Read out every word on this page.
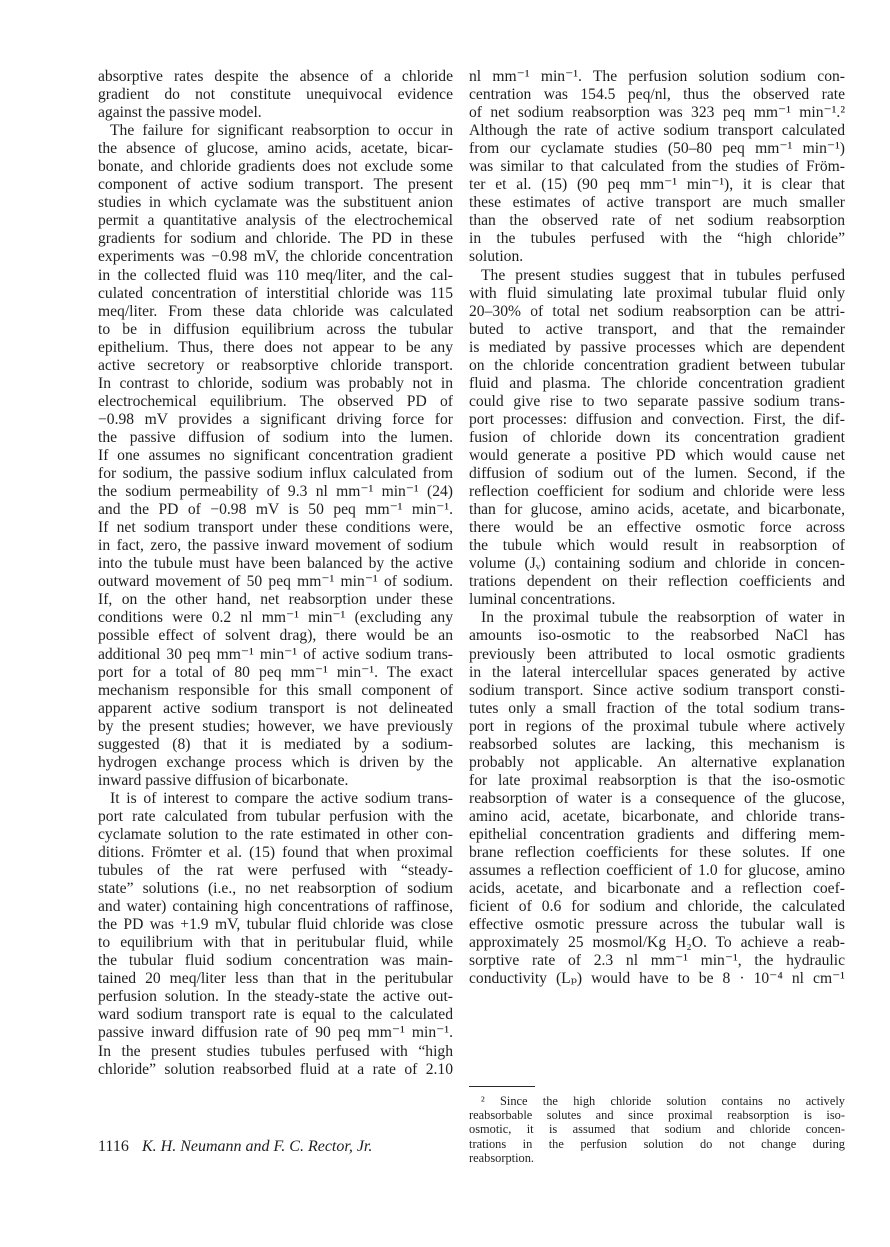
absorptive rates despite the absence of a chloride
gradient do not constitute unequivocal evidence
against the passive model.
The failure for significant reabsorption to occur in
the absence of glucose, amino acids, acetate, bicar-
bonate, and chloride gradients does not exclude some
component of active sodium transport. The present
studies in which cyclamate was the substituent anion
permit a quantitative analysis of the electrochemical
gradients for sodium and chloride. The PD in these
experiments was −0.98 mV, the chloride concentration
in the collected fluid was 110 meq/liter, and the cal-
culated concentration of interstitial chloride was 115
meq/liter. From these data chloride was calculated
to be in diffusion equilibrium across the tubular
epithelium. Thus, there does not appear to be any
active secretory or reabsorptive chloride transport.
In contrast to chloride, sodium was probably not in
electrochemical equilibrium. The observed PD of
−0.98 mV provides a significant driving force for
the passive diffusion of sodium into the lumen.
If one assumes no significant concentration gradient
for sodium, the passive sodium influx calculated from
the sodium permeability of 9.3 nl mm⁻¹ min⁻¹ (24)
and the PD of −0.98 mV is 50 peq mm⁻¹ min⁻¹.
If net sodium transport under these conditions were,
in fact, zero, the passive inward movement of sodium
into the tubule must have been balanced by the active
outward movement of 50 peq mm⁻¹ min⁻¹ of sodium.
If, on the other hand, net reabsorption under these
conditions were 0.2 nl mm⁻¹ min⁻¹ (excluding any
possible effect of solvent drag), there would be an
additional 30 peq mm⁻¹ min⁻¹ of active sodium trans-
port for a total of 80 peq mm⁻¹ min⁻¹. The exact
mechanism responsible for this small component of
apparent active sodium transport is not delineated
by the present studies; however, we have previously
suggested (8) that it is mediated by a sodium-
hydrogen exchange process which is driven by the
inward passive diffusion of bicarbonate.
It is of interest to compare the active sodium trans-
port rate calculated from tubular perfusion with the
cyclamate solution to the rate estimated in other con-
ditions. Frömter et al. (15) found that when proximal
tubules of the rat were perfused with “steady-
state” solutions (i.e., no net reabsorption of sodium
and water) containing high concentrations of raffinose,
the PD was +1.9 mV, tubular fluid chloride was close
to equilibrium with that in peritubular fluid, while
the tubular fluid sodium concentration was main-
tained 20 meq/liter less than that in the peritubular
perfusion solution. In the steady-state the active out-
ward sodium transport rate is equal to the calculated
passive inward diffusion rate of 90 peq mm⁻¹ min⁻¹.
In the present studies tubules perfused with “high
chloride” solution reabsorbed fluid at a rate of 2.10
nl mm⁻¹ min⁻¹. The perfusion solution sodium con-
centration was 154.5 peq/nl, thus the observed rate
of net sodium reabsorption was 323 peq mm⁻¹ min⁻¹.²
Although the rate of active sodium transport calculated
from our cyclamate studies (50–80 peq mm⁻¹ min⁻¹)
was similar to that calculated from the studies of Fröm-
ter et al. (15) (90 peq mm⁻¹ min⁻¹), it is clear that
these estimates of active transport are much smaller
than the observed rate of net sodium reabsorption
in the tubules perfused with the “high chloride”
solution.
The present studies suggest that in tubules perfused
with fluid simulating late proximal tubular fluid only
20–30% of total net sodium reabsorption can be attri-
buted to active transport, and that the remainder
is mediated by passive processes which are dependent
on the chloride concentration gradient between tubular
fluid and plasma. The chloride concentration gradient
could give rise to two separate passive sodium trans-
port processes: diffusion and convection. First, the dif-
fusion of chloride down its concentration gradient
would generate a positive PD which would cause net
diffusion of sodium out of the lumen. Second, if the
reflection coefficient for sodium and chloride were less
than for glucose, amino acids, acetate, and bicarbonate,
there would be an effective osmotic force across
the tubule which would result in reabsorption of
volume (Jᵥ) containing sodium and chloride in concen-
trations dependent on their reflection coefficients and
luminal concentrations.
In the proximal tubule the reabsorption of water in
amounts iso-osmotic to the reabsorbed NaCl has
previously been attributed to local osmotic gradients
in the lateral intercellular spaces generated by active
sodium transport. Since active sodium transport consti-
tutes only a small fraction of the total sodium trans-
port in regions of the proximal tubule where actively
reabsorbed solutes are lacking, this mechanism is
probably not applicable. An alternative explanation
for late proximal reabsorption is that the iso-osmotic
reabsorption of water is a consequence of the glucose,
amino acid, acetate, bicarbonate, and chloride trans-
epithelial concentration gradients and differing mem-
brane reflection coefficients for these solutes. If one
assumes a reflection coefficient of 1.0 for glucose, amino
acids, acetate, and bicarbonate and a reflection coef-
ficient of 0.6 for sodium and chloride, the calculated
effective osmotic pressure across the tubular wall is
approximately 25 mosmol/Kg H₂O. To achieve a reab-
sorptive rate of 2.3 nl mm⁻¹ min⁻¹, the hydraulic
conductivity (Lₚ) would have to be 8 · 10⁻⁴ nl cm⁻¹
² Since the high chloride solution contains no actively
reabsorbable solutes and since proximal reabsorption is iso-
osmotic, it is assumed that sodium and chloride concen-
trations in the perfusion solution do not change during
reabsorption.
1116 K. H. Neumann and F. C. Rector, Jr.
